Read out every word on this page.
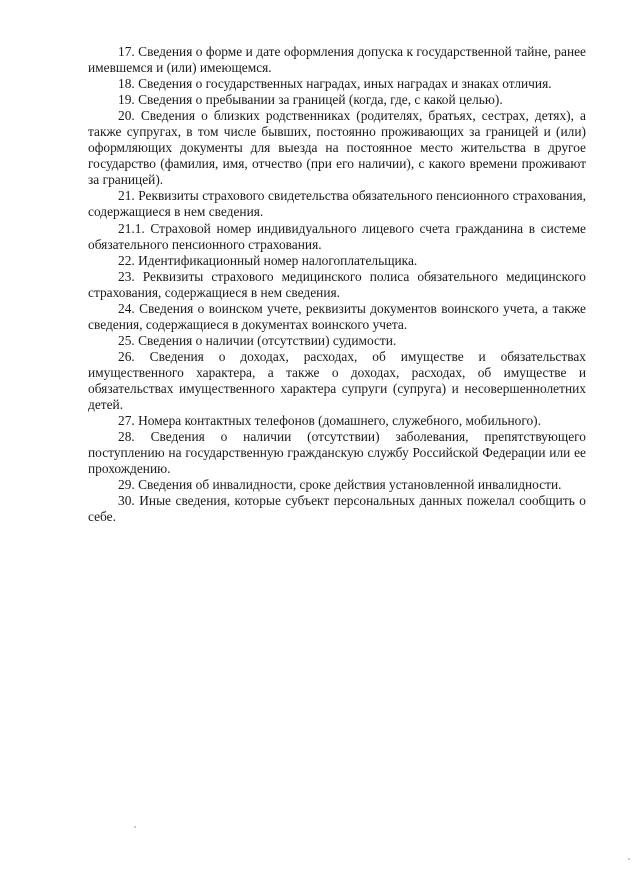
17. Сведения о форме и дате оформления допуска к государственной тайне, ранее имевшемся и (или) имеющемся.

18. Сведения о государственных наградах, иных наградах и знаках отличия.

19. Сведения о пребывании за границей (когда, где, с какой целью).

20. Сведения о близких родственниках (родителях, братьях, сестрах, детях), а также супругах, в том числе бывших, постоянно проживающих за границей и (или) оформляющих документы для выезда на постоянное место жительства в другое государство (фамилия, имя, отчество (при его наличии), с какого времени проживают за границей).

21. Реквизиты страхового свидетельства обязательного пенсионного страхования, содержащиеся в нем сведения.

21.1. Страховой номер индивидуального лицевого счета гражданина в системе обязательного пенсионного страхования.

22. Идентификационный номер налогоплательщика.

23. Реквизиты страхового медицинского полиса обязательного медицинского страхования, содержащиеся в нем сведения.

24. Сведения о воинском учете, реквизиты документов воинского учета, а также сведения, содержащиеся в документах воинского учета.

25. Сведения о наличии (отсутствии) судимости.

26. Сведения о доходах, расходах, об имуществе и обязательствах имущественного характера, а также о доходах, расходах, об имуществе и обязательствах имущественного характера супруги (супруга) и несовершеннолетних детей.

27. Номера контактных телефонов (домашнего, служебного, мобильного).

28. Сведения о наличии (отсутствии) заболевания, препятствующего поступлению на государственную гражданскую службу Российской Федерации или ее прохождению.

29. Сведения об инвалидности, сроке действия установленной инвалидности.

30. Иные сведения, которые субъект персональных данных пожелал сообщить о себе.
